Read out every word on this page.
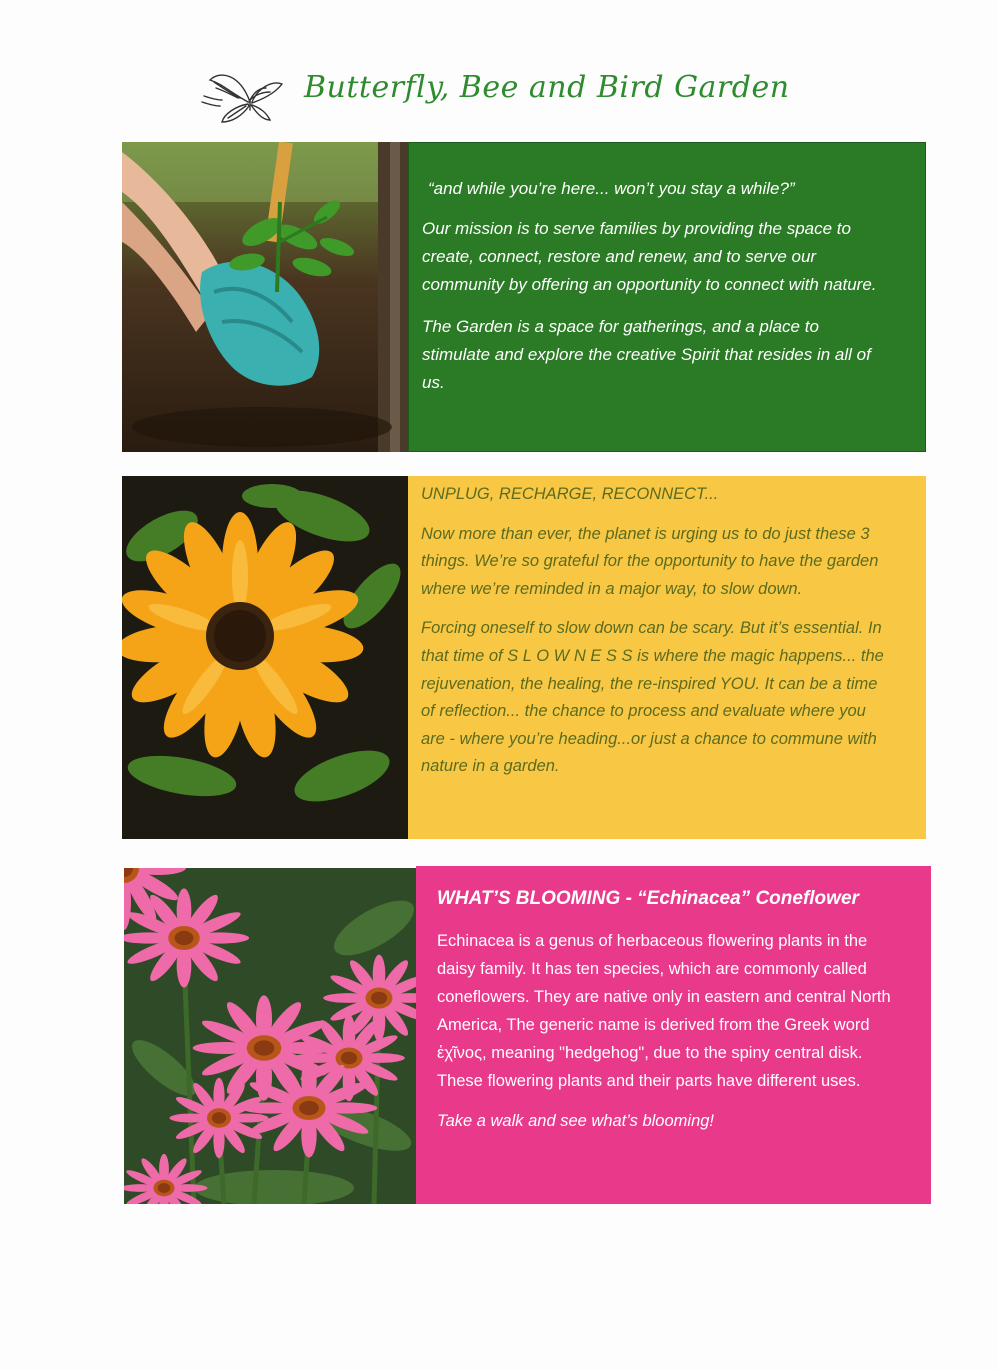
Butterfly, Bee and Bird Garden

“and while you’re here... won’t you stay a while?”

Our mission is to serve families by providing the space to create, connect, restore and renew, and to serve our community by offering an opportunity to connect with nature.

The Garden is a space for gatherings, and a place to stimulate and explore the creative Spirit that resides in all of us.

UNPLUG, RECHARGE, RECONNECT...

Now more than ever, the planet is urging us to do just these 3 things. We’re so grateful for the opportunity to have the garden where we’re reminded in a major way, to slow down.

Forcing oneself to slow down can be scary. But it’s essential. In that time of S L O W N E S S is where the magic happens... the rejuvenation, the healing, the re-inspired YOU. It can be a time of reflection... the chance to process and evaluate where you are - where you’re heading...or just a chance to commune with nature in a garden.

WHAT’S BLOOMING - “Echinacea” Coneflower

Echinacea is a genus of herbaceous flowering plants in the daisy family. It has ten species, which are commonly called coneflowers. They are native only in eastern and central North America, The generic name is derived from the Greek word ἐχῖνος, meaning "hedgehog", due to the spiny central disk. These flowering plants and their parts have different uses.

Take a walk and see what’s blooming!
